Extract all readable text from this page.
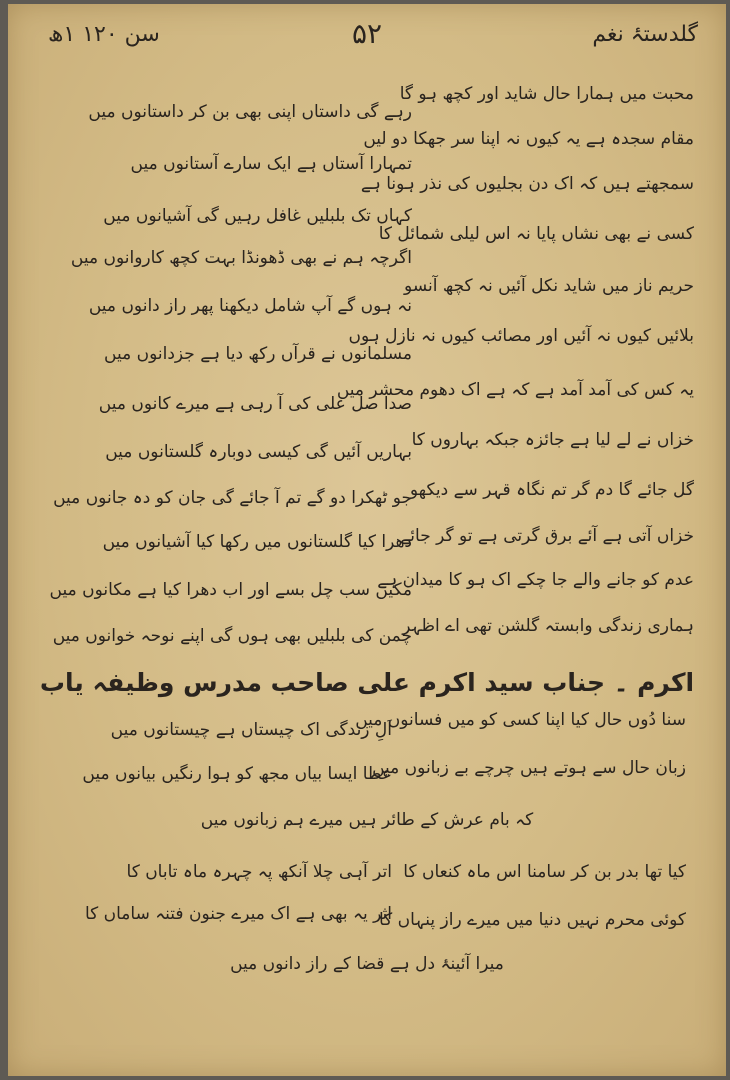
گلدستۂ نغم
۵۲
سن ۱۲۰ ۱ھ
محبت میں ہمارا حال شاید اور کچھ ہو گا
مقام سجدہ ہے یہ کیوں نہ اپنا سر جھکا دو لیں
سمجھتے ہیں کہ اک دن بجلیوں کی نذر ہونا ہے
کسی نے بھی نشاں پایا نہ اس لیلی شمائل کا
حریم ناز میں شاید نکل آئیں نہ کچھ آنسو
بلائیں کیوں نہ آئیں اور مصائب کیوں نہ نازل ہوں
یہ کس کی آمد آمد ہے کہ ہے اک دھوم محشر میں
خزاں نے لے لیا ہے جائزہ جبکہ بہاروں کا
گل جائے گا دم گر تم نگاہ قہر سے دیکھو
خزاں آتی ہے آئے برق گرتی ہے تو گر جائے
عدم کو جانے والے جا چکے اک ہو کا میدان ہے
ہماری زندگی وابستہ گلشن تھی اے اظہر
رہے گی داستاں اپنی بھی بن کر داستانوں میں
تمہارا آستاں ہے ایک سارے آستانوں میں
کہاں تک بلبلیں غافل رہیں گی آشیانوں میں
اگرچہ ہم نے بھی ڈھونڈا بہت کچھ کاروانوں میں
نہ ہوں گے آپ شامل دیکھنا پھر راز دانوں میں
مسلمانوں نے قرآں رکھ دیا ہے جزدانوں میں
صدا صل علی کی آ رہی ہے میرے کانوں میں
بہاریں آئیں گی کیسی دوبارہ گلستانوں میں
جو ٹھکرا دو گے تم آ جائے گی جان کو دہ جانوں میں
دھرا کیا گلستانوں میں رکھا کیا آشیانوں میں
مکیں سب چل بسے اور اب دھرا کیا ہے مکانوں میں
چمن کی بلبلیں بھی ہوں گی اپنے نوحہ خوانوں میں
اکرم ۔ جناب سید اکرم علی صاحب مدرس وظیفہ یاب
سنا دُوں حال کیا اپنا کسی کو میں فسانوں میں
زبان حال سے ہوتے ہیں چرچے بے زبانوں میں
اَلِ زندگی اک چیستاں ہے چیستانوں میں
عطا ایسا بیاں مجھ کو ہوا رنگیں بیانوں میں
کہ بام عرش کے طائر ہیں میرے ہم زبانوں میں
کیا تھا بدر بن کر سامنا اس ماہ کنعاں کا
کوئی محرم نہیں دنیا میں میرے راز پنہاں کا
اتر آہی چلا آنکھ پہ چہرہ ماہ تاباں کا
اثر یہ بھی ہے اک میرے جنون فتنہ ساماں کا
میرا آئینۂ دل ہے قضا کے راز دانوں میں
